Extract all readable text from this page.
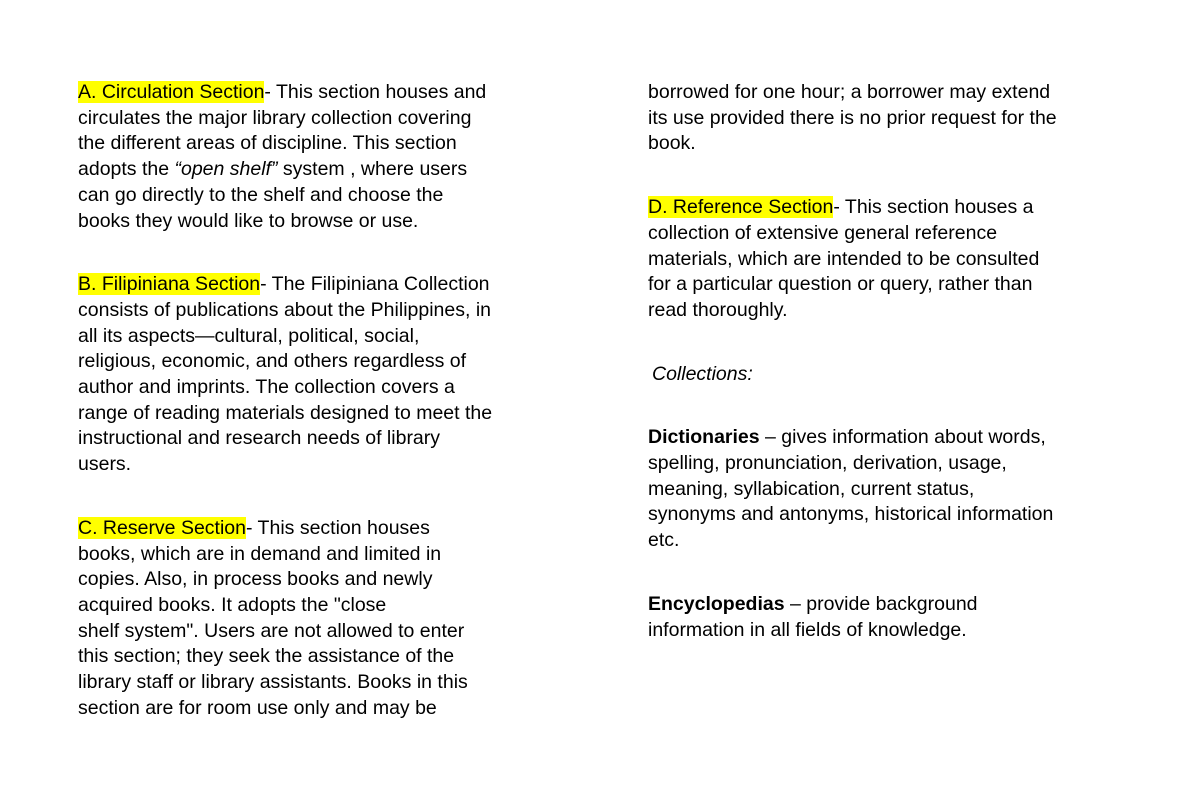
A. Circulation Section- This section houses and
circulates the major library collection covering
the different areas of discipline. This section
adopts the “open shelf” system , where users
can go directly to the shelf and choose the
books they would like to browse or use.

B. Filipiniana Section- The Filipiniana Collection
consists of publications about the Philippines, in
all its aspects—cultural, political, social,
religious, economic, and others regardless of
author and imprints. The collection covers a
range of reading materials designed to meet the
instructional and research needs of library
users.

C. Reserve Section- This section houses
books, which are in demand and limited in
copies. Also, in process books and newly
acquired books. It adopts the "close
shelf system". Users are not allowed to enter
this section; they seek the assistance of the
library staff or library assistants. Books in this
section are for room use only and may be

borrowed for one hour; a borrower may extend
its use provided there is no prior request for the
book.

D. Reference Section- This section houses a
collection of extensive general reference
materials, which are intended to be consulted
for a particular question or query, rather than
read thoroughly.

Collections:

Dictionaries – gives information about words,
spelling, pronunciation, derivation, usage,
meaning, syllabication, current status,
synonyms and antonyms, historical information
etc.

Encyclopedias – provide background
information in all fields of knowledge.
